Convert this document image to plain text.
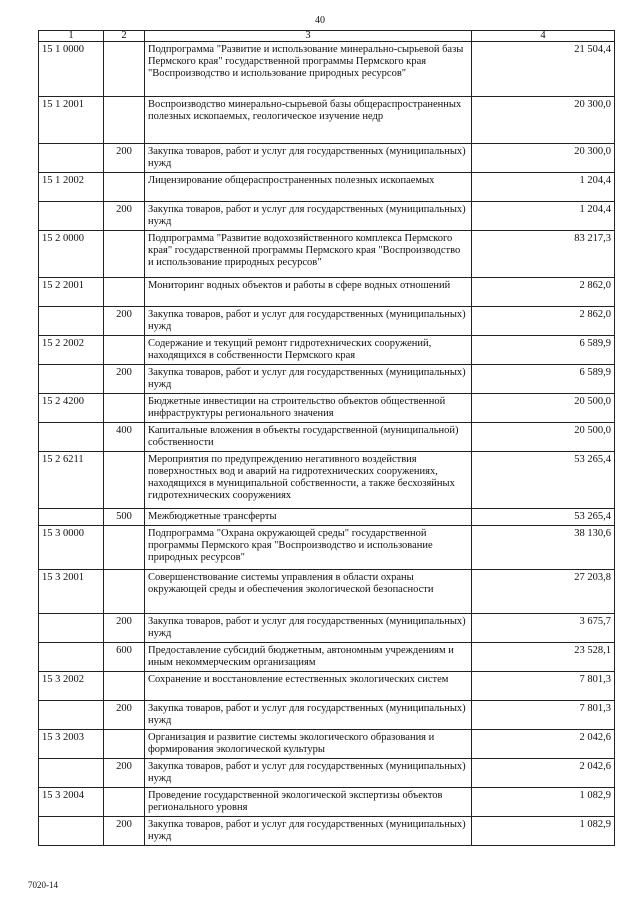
40
1	2	3	4
15 1 0000		Подпрограмма "Развитие и использование минерально-сырьевой базы Пермского края" государственной программы Пермского края "Воспроизводство и использование природных ресурсов"	21 504,4
15 1 2001		Воспроизводство минерально-сырьевой базы общераспространенных полезных ископаемых, геологическое изучение недр	20 300,0
	200	Закупка товаров, работ и услуг для государственных (муниципальных) нужд	20 300,0
15 1 2002		Лицензирование общераспространенных полезных ископаемых	1 204,4
	200	Закупка товаров, работ и услуг для государственных (муниципальных) нужд	1 204,4
15 2 0000		Подпрограмма "Развитие водохозяйственного комплекса Пермского края" государственной программы Пермского края "Воспроизводство и использование природных ресурсов"	83 217,3
15 2 2001		Мониторинг водных объектов и работы в сфере водных отношений	2 862,0
	200	Закупка товаров, работ и услуг для государственных (муниципальных) нужд	2 862,0
15 2 2002		Содержание и текущий ремонт гидротехнических сооружений, находящихся в собственности Пермского края	6 589,9
	200	Закупка товаров, работ и услуг для государственных (муниципальных) нужд	6 589,9
15 2 4200		Бюджетные инвестиции на строительство объектов общественной инфраструктуры регионального значения	20 500,0
	400	Капитальные вложения в объекты государственной (муниципальной) собственности	20 500,0
15 2 6211		Мероприятия по предупреждению негативного воздействия поверхностных вод и аварий на гидротехнических сооружениях, находящихся в муниципальной собственности, а также бесхозяйных гидротехнических сооружениях	53 265,4
	500	Межбюджетные трансферты	53 265,4
15 3 0000		Подпрограмма "Охрана окружающей среды" государственной программы Пермского края "Воспроизводство и использование природных ресурсов"	38 130,6
15 3 2001		Совершенствование системы управления в области охраны окружающей среды и обеспечения экологической безопасности	27 203,8
	200	Закупка товаров, работ и услуг для государственных (муниципальных) нужд	3 675,7
	600	Предоставление субсидий бюджетным, автономным учреждениям и иным некоммерческим организациям	23 528,1
15 3 2002		Сохранение и восстановление естественных экологических систем	7 801,3
	200	Закупка товаров, работ и услуг для государственных (муниципальных) нужд	7 801,3
15 3 2003		Организация и развитие системы экологического образования и формирования экологической культуры	2 042,6
	200	Закупка товаров, работ и услуг для государственных (муниципальных) нужд	2 042,6
15 3 2004		Проведение государственной экологической экспертизы объектов регионального уровня	1 082,9
	200	Закупка товаров, работ и услуг для государственных (муниципальных) нужд	1 082,9
7020-14
